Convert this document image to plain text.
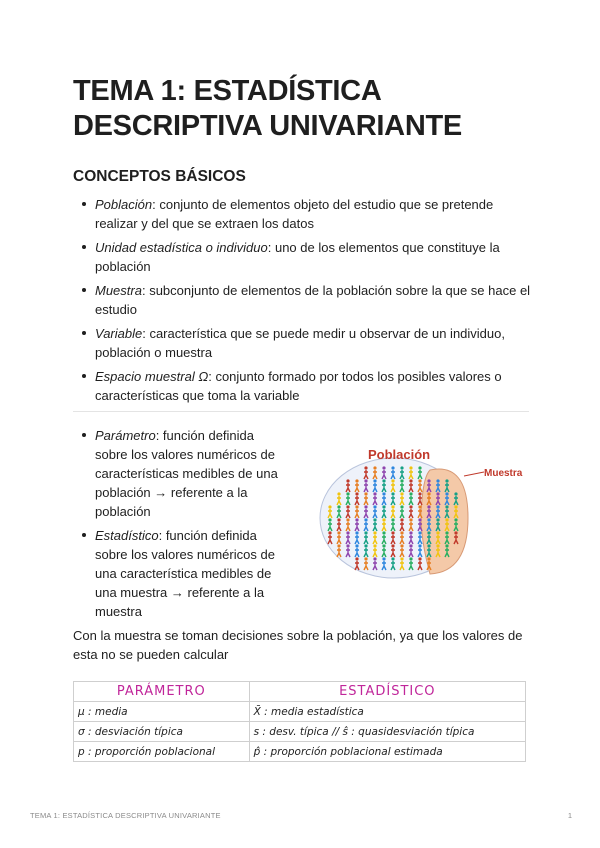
TEMA 1: ESTADÍSTICA DESCRIPTIVA UNIVARIANTE
CONCEPTOS BÁSICOS
Población: conjunto de elementos objeto del estudio que se pretende realizar y del que se extraen los datos
Unidad estadística o individuo: uno de los elementos que constituye la población
Muestra: subconjunto de elementos de la población sobre la que se hace el estudio
Variable: característica que se puede medir u observar de un individuo, población o muestra
Espacio muestral Ω: conjunto formado por todos los posibles valores o características que toma la variable
Parámetro: función definida sobre los valores numéricos de características medibles de una población → referente a la población
Estadístico: función definida sobre los valores numéricos de una característica medibles de una muestra → referente a la muestra
Población
Muestra

Con la muestra se toman decisiones sobre la población, ya que los valores de esta no se pueden calcular

PARÁMETRO	ESTADÍSTICO
μ : media	X̄ : media estadística
σ : desviación típica	s : desv. típica // ŝ : quasidesviación típica
p : proporción poblacional	p̂ : proporción poblacional estimada
TEMA 1: ESTADÍSTICA DESCRIPTIVA UNIVARIANTE	1
